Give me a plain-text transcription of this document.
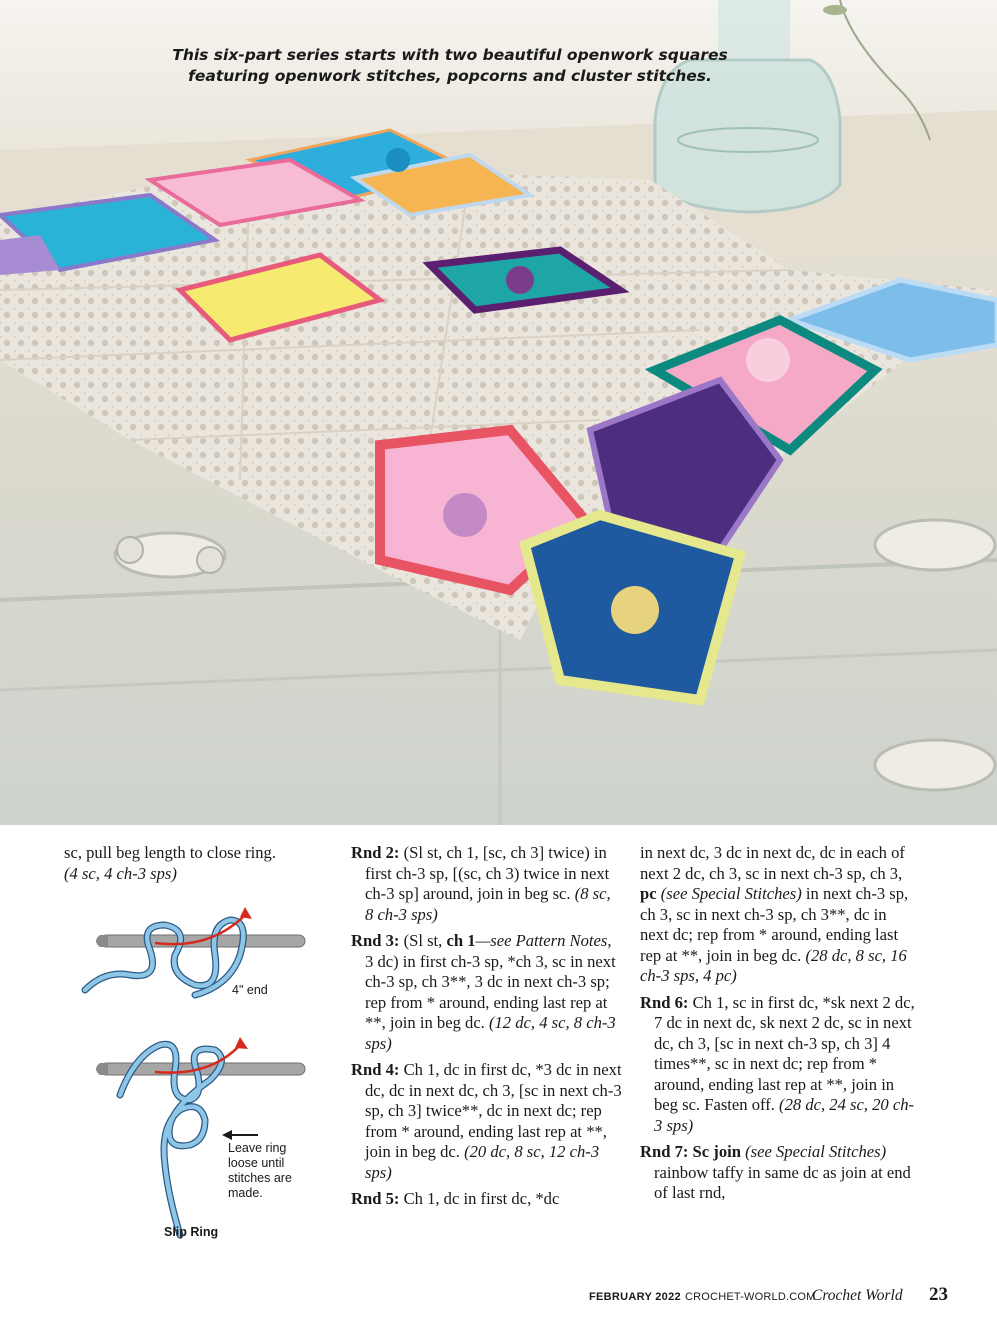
This six-part series starts with two beautiful openwork squares
featuring openwork stitches, popcorns and cluster stitches.

sc, pull beg length to close ring.
(4 sc, 4 ch-3 sps)

4" end
Leave ring
loose until
stitches are
made.
Slip Ring

Rnd 2: (Sl st, ch 1, [sc, ch 3] twice) in first ch-3 sp, [(sc, ch 3) twice in next ch-3 sp] around, join in beg sc. (8 sc, 8 ch-3 sps)

Rnd 3: (Sl st, ch 1—see Pattern Notes, 3 dc) in first ch-3 sp, *ch 3, sc in next ch-3 sp, ch 3**, 3 dc in next ch-3 sp; rep from * around, ending last rep at **, join in beg dc. (12 dc, 4 sc, 8 ch-3 sps)

Rnd 4: Ch 1, dc in first dc, *3 dc in next dc, dc in next dc, ch 3, [sc in next ch-3 sp, ch 3] twice**, dc in next dc; rep from * around, ending last rep at **, join in beg dc. (20 dc, 8 sc, 12 ch-3 sps)

Rnd 5: Ch 1, dc in first dc, *dc

in next dc, 3 dc in next dc, dc in each of next 2 dc, ch 3, sc in next ch-3 sp, ch 3, pc (see Special Stitches) in next ch-3 sp, ch 3, sc in next ch-3 sp, ch 3**, dc in next dc; rep from * around, ending last rep at **, join in beg dc. (28 dc, 8 sc, 16 ch-3 sps, 4 pc)

Rnd 6: Ch 1, sc in first dc, *sk next 2 dc, 7 dc in next dc, sk next 2 dc, sc in next dc, ch 3, [sc in next ch-3 sp, ch 3] 4 times**, sc in next dc; rep from * around, ending last rep at **, join in beg sc. Fasten off. (28 dc, 24 sc, 20 ch-3 sps)

Rnd 7: Sc join (see Special Stitches) rainbow taffy in same dc as join at end of last rnd,

FEBRUARY 2022 CROCHET-WORLD.COM
Crochet World 23
